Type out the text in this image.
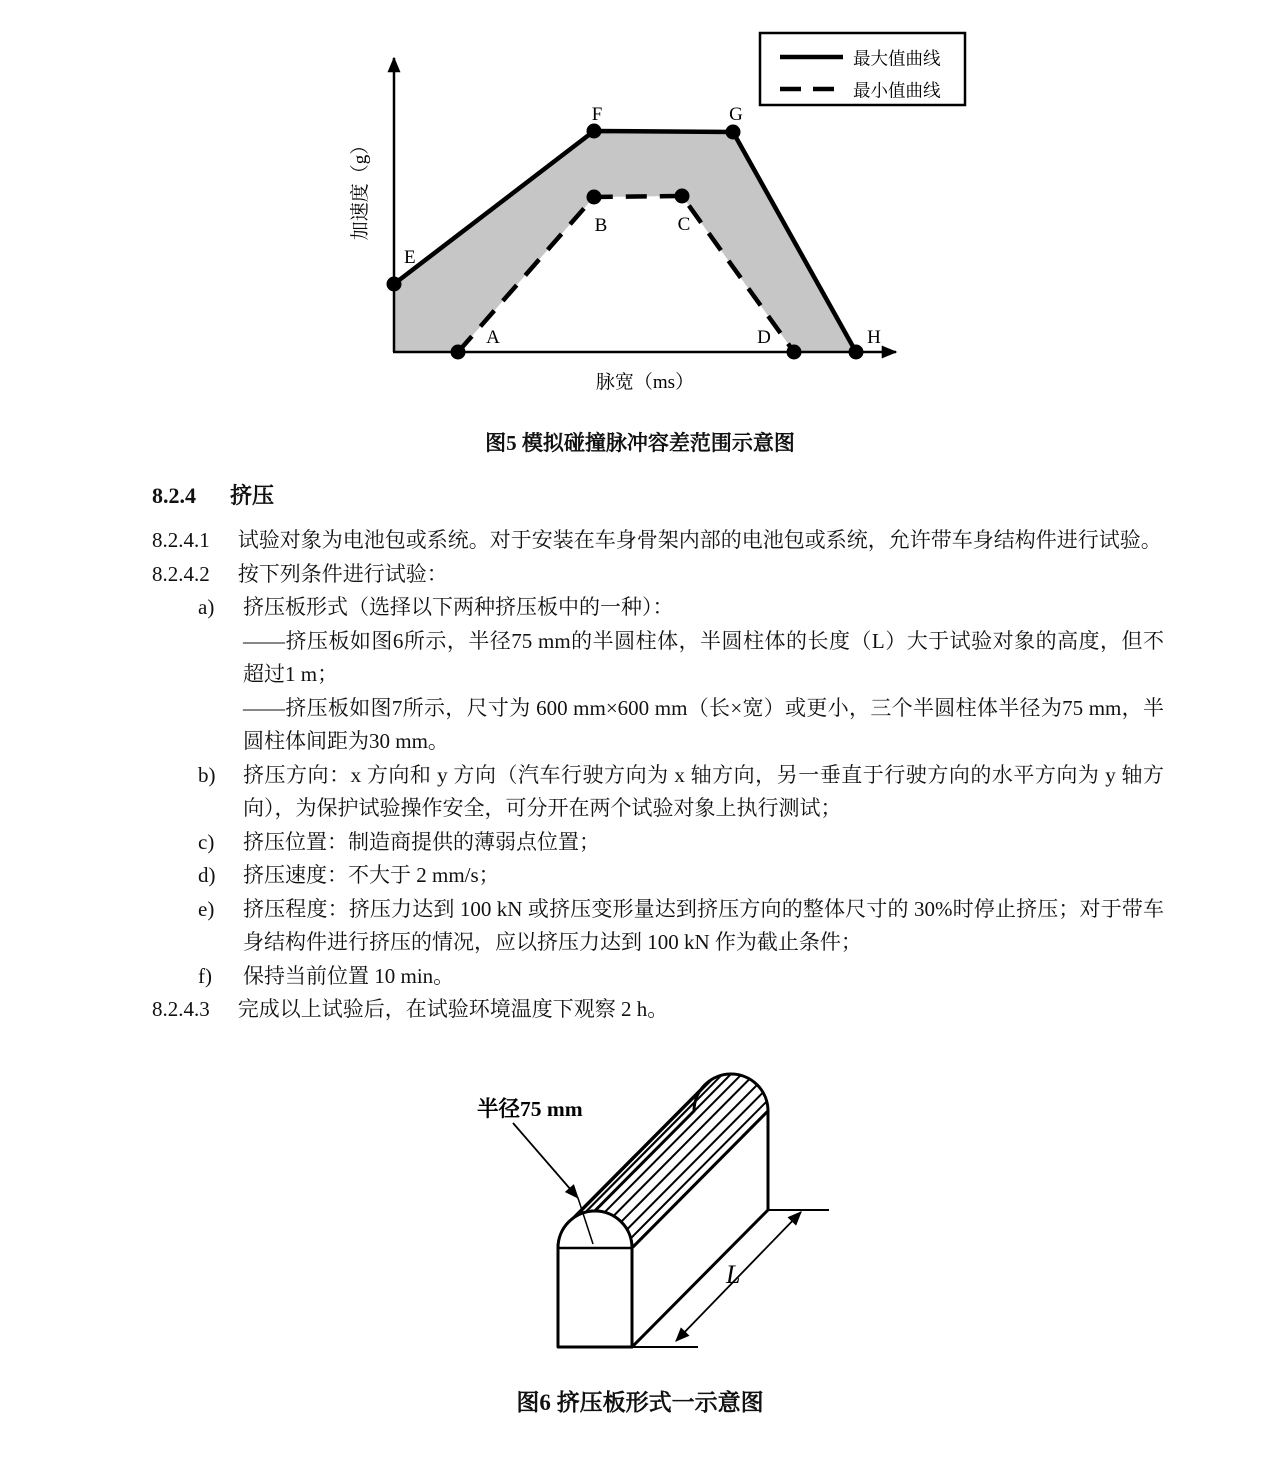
E
F	G
H
A
B	C
D
加速度（g）
脉宽（ms）
最大值曲线
最小值曲线
图5 模拟碰撞脉冲容差范围示意图
8.2.4 挤压

8.2.4.1 试验对象为电池包或系统。对于安装在车身骨架内部的电池包或系统，允许带车身结构件进行试验。

8.2.4.2 按下列条件进行试验：

a) 挤压板形式（选择以下两种挤压板中的一种）：
——挤压板如图6所示，半径75 mm的半圆柱体，半圆柱体的长度（L）大于试验对象的高度，但不超过1 m；
——挤压板如图7所示，尺寸为 600 mm×600 mm（长×宽）或更小，三个半圆柱体半径为75 mm，半圆柱体间距为30 mm。
b) 挤压方向：x 方向和 y 方向（汽车行驶方向为 x 轴方向，另一垂直于行驶方向的水平方向为 y 轴方向），为保护试验操作安全，可分开在两个试验对象上执行测试；
c) 挤压位置：制造商提供的薄弱点位置；
d) 挤压速度：不大于 2 mm/s；
e) 挤压程度：挤压力达到 100 kN 或挤压变形量达到挤压方向的整体尺寸的 30%时停止挤压；对于带车身结构件进行挤压的情况，应以挤压力达到 100 kN 作为截止条件；
f) 保持当前位置 10 min。

8.2.4.3 完成以上试验后，在试验环境温度下观察 2 h。

L
半径75 mm
图6 挤压板形式一示意图
